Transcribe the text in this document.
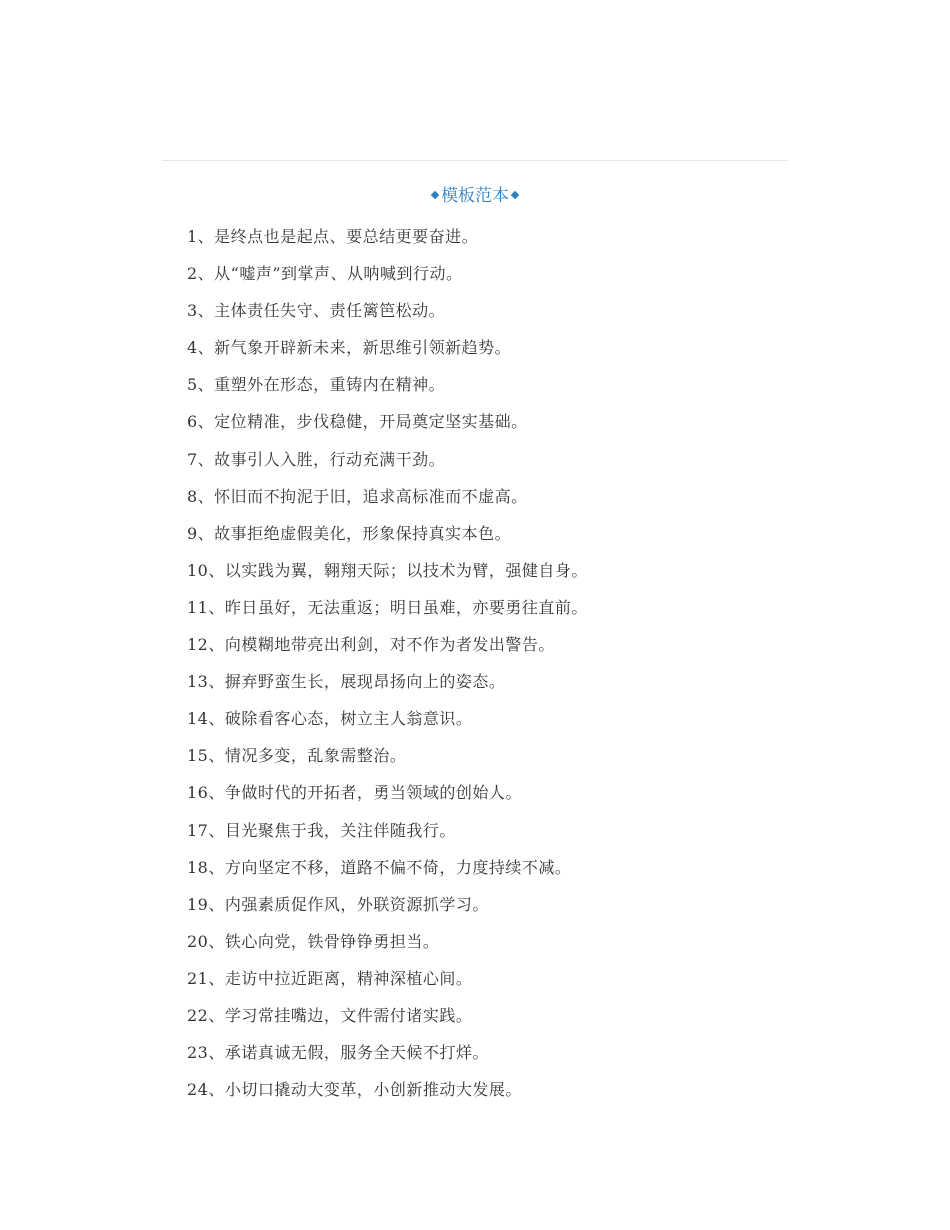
模板范本
1、是终点也是起点、要总结更要奋进。
2、从“嘘声”到掌声、从呐喊到行动。
3、主体责任失守、责任篱笆松动。
4、新气象开辟新未来，新思维引领新趋势。
5、重塑外在形态，重铸内在精神。
6、定位精准，步伐稳健，开局奠定坚实基础。
7、故事引人入胜，行动充满干劲。
8、怀旧而不拘泥于旧，追求高标准而不虚高。
9、故事拒绝虚假美化，形象保持真实本色。
10、以实践为翼，翱翔天际；以技术为臂，强健自身。
11、昨日虽好，无法重返；明日虽难，亦要勇往直前。
12、向模糊地带亮出利剑，对不作为者发出警告。
13、摒弃野蛮生长，展现昂扬向上的姿态。
14、破除看客心态，树立主人翁意识。
15、情况多变，乱象需整治。
16、争做时代的开拓者，勇当领域的创始人。
17、目光聚焦于我，关注伴随我行。
18、方向坚定不移，道路不偏不倚，力度持续不减。
19、内强素质促作风，外联资源抓学习。
20、铁心向党，铁骨铮铮勇担当。
21、走访中拉近距离，精神深植心间。
22、学习常挂嘴边，文件需付诸实践。
23、承诺真诚无假，服务全天候不打烊。
24、小切口撬动大变革，小创新推动大发展。
